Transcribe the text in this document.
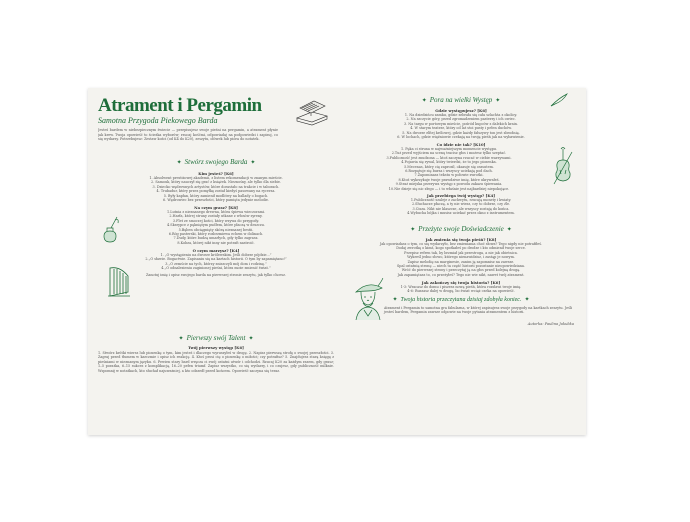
Atrament i Pergamin
Samotna Przygoda Piekowego Barda
Jesteś bardem w niebezpiecznym świecie — przepisujesz swoje pieśni na pergamin, a atrament płynie jak krew. Twoja opowieść to ścieżka wyborów; rzucaj kośćmi, odpowiadaj na podpowiedzi i zapisuj, co się wydarzy. Potrzebujesz: Zestaw kości (od K4 do K20), zeszytu, ołówek lub pióra do notatek.
✦ Stwórz swojego Barda ✦
Kim jesteś? [K6]
1. Absolwent prestiżowej akademii, z listem rekomendacji w znanym mieście.
2. Samouk, który nauczył się grać z książek. Nieznośny, ale tylko dla siebie.
3. Dziecko wędrownych artystów, które dorastało na trakcie i w taborach.
4. Trubadur, który przez pomyłkę został kiedyś pasowany na rycerza.
5. Były kapłan, który zamienił modlitwy na ballady o bogach.
6. Wędrowiec bez przeszłości, który pamięta jedynie melodie.
Na czym grasz? [K8]
1.Lutnia z nieznanego drewna, która śpiewa wieczorami.
2.Harfa, której struny zostały utkane z włosów syreny.
3.Flet ze smoczej kości, który wzywa do przygody.
4.Skrzypce z pękniętym pudłem, które płaczą w deszczu.
5.Bęben obciągnięty skórą nieznanej bestii.
6.Róg pasterski, który rozbrzmiewa echem w dolinach.
7.Dudy, które budzą umarłych, gdy tylko zagrasz.
8.Kobza, której nikt inny nie potrafi nastroić.
O czym marzysz? [K4]
1. „O wystąpieniu na dworze królewskim. Jeśli dobrze pójdzie...”
2.„O sławie. Bogactwie. Zapisaniu się na kartach historii. O tym by zapamiętano!”
3.„O zemście na tych, którzy zniszczyli mój dom i rodzinę.”
4.„O odnalezieniu zaginionej pieśni, która może zmienić świat.”
Zanotuj imię i opisz swojego barda na pierwszej stronie zeszytu, jak tylko chcesz.
✦ Pierwszy swój Talent ✦
Twój pierwszy występ [K6]
1. Stwórz krótki wiersz lub piosenkę o tym, kim jesteś i dlaczego wyruszyłeś w drogę. 2. Napisz pierwszą strofę o swojej przeszłości. 3. Zagraj przed tłumem w karczmie i opisz ich reakcję. 4. Ktoś prosi cię o piosenkę o miłości; czy potrafisz? 5. Znajdujesz starą księgę z pieśniami w nieznanym języku. 6. Pewien stary bard wręcza ci swój ostatni utwór i odchodzi. Rzucaj K20 za każdym razem, gdy grasz; 1–5 porażka, 6–15 sukces z komplikacją, 16–20 pełen triumf. Zapisz wszystko, co się wydarzy, i co czujesz, gdy publiczność milknie. Wspomnij w notatkach, kto słuchał najuważniej, a kto odszedł przed końcem. Opowieść zaczyna się teraz.
✦ Pora na wielki Występ ✦
Gdzie występujesz? [K6]
1. Na dziedzińcu zamku, gdzie zebrała się cała szlachta z okolicy.
2. Na szczycie góry, przed zgromadzeniem pasterzy i ich owiec.
3. Na targu w portowym mieście, pośród kupców z dalekich krain.
4. W starym teatrze, który od lat stoi pusty i pełen duchów.
5. Na dworze elfiej królowej, gdzie każdy fałszywy ton jest zbrodnią.
6. W lochach, gdzie więźniowie czekają na twoją pieśń jak na wybawienie.
Co idzie nie tak? [K10]
1. Pęka ci struna w najważniejszym momencie występu.
2.Tuż przed wyjściem na scenę tracisz głos i możesz tylko szeptać.
3.Publiczność jest znudzona — ktoś zaczyna rzucać w ciebie warzywami.
4.Pojawia się rywal, który twierdzi, że to jego piosenka.
5.Mecenas, który cię zaprosił, okazuje się oszustem.
6.Rozpętuje się burza i wszyscy uciekają pod dach.
7.Zapominasz tekstu w połowie zwrotki.
8.Ktoś wykrzykuje twoje prawdziwe imię, które ukrywałeś.
9.Straż miejska przerywa występ z powodu zakazu śpiewania.
10.Nie dzieje się nic złego — i to właśnie jest najbardziej niepokojące.
Jak przebiega twój występ? [K4]
1.Publiczność szaleje z zachwytu, rzucają monety i kwiaty.
2.Słuchacze płaczą, a ty nie wiesz, czy to dobrze, czy źle.
3.Cisza. Nikt nie klaszcze, ale wszyscy zostają do końca.
4.Wybucha bójka i musisz uciekać przez okno z instrumentem.
✦ Przeżyte swoje Doświadczenie ✦
Jak zmienia się twoja pieśń? [K8]
Jak opowiadasz o tym, co się wydarzyło, bez zmieniania choć słowa? Tego nigdy nie potrafiłeś.
Dodaj zwrotkę o kimś, kogo spotkałeś po drodze i kto odmienił twoje serce.
Przepisz refren tak, by brzmiał jak przestroga, a nie jak obietnica.
Wykreśl jedno słowo, którego nienawidzisz, i zastąp je nowym.
Zapisz melodię na marginesie, zanim ją zapomnisz na zawsze.
Spal ostatnią stronę — niech ta część historii pozostanie nieopowiedziana.
Wróć do pierwszej strony i przeczytaj ją na głos przed kolejną drogą.
Jak zapamiętasz to, co przeżyłeś? Tego nie wie nikt, nawet twój atrament.
Jak zakończy się twoja historia? [K6]
1-3: Wracasz do domu i piszesz nową pieśń, która rozsławi twoje imię.
4-6: Ruszasz dalej w drogę, bo świat wciąż czeka na opowieść.
✦ Twoja historia przeczytana dzisiaj zdobyła koniec. ✦
Atrament i Pergamin to samotna gra fabularna, w której zapisujesz swoje przygody na kartkach zeszytu. Jeśli jesteś bardem, Pergamin zawsze odpowie na twoje pytania atramentem z historii.
Autorka: Paulina Jakubka
